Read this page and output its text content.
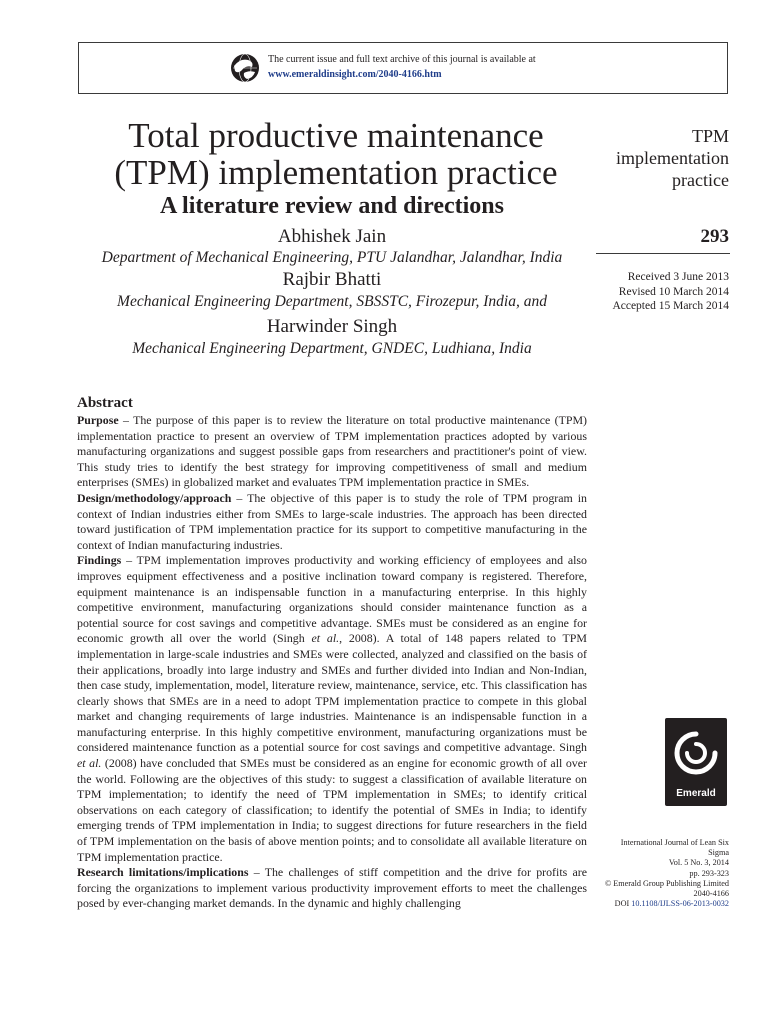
The current issue and full text archive of this journal is available at
www.emeraldinsight.com/2040-4166.htm
Total productive maintenance
(TPM) implementation practice
A literature review and directions
Abhishek Jain
Department of Mechanical Engineering, PTU Jalandhar, Jalandhar, India
Rajbir Bhatti
Mechanical Engineering Department, SBSSTC, Firozepur, India, and
Harwinder Singh
Mechanical Engineering Department, GNDEC, Ludhiana, India
TPM
implementation
practice
293
Received 3 June 2013
Revised 10 March 2014
Accepted 15 March 2014
Abstract

Purpose – The purpose of this paper is to review the literature on total productive maintenance (TPM) implementation practice to present an overview of TPM implementation practices adopted by various manufacturing organizations and suggest possible gaps from researchers and practitioner's point of view. This study tries to identify the best strategy for improving competitiveness of small and medium enterprises (SMEs) in globalized market and evaluates TPM implementation practice in SMEs.

Design/methodology/approach – The objective of this paper is to study the role of TPM program in context of Indian industries either from SMEs to large-scale industries. The approach has been directed toward justification of TPM implementation practice for its support to competitive manufacturing in the context of Indian manufacturing industries.

Findings – TPM implementation improves productivity and working efficiency of employees and also improves equipment effectiveness and a positive inclination toward company is registered. Therefore, equipment maintenance is an indispensable function in a manufacturing enterprise. In this highly competitive environment, manufacturing organizations should consider maintenance function as a potential source for cost savings and competitive advantage. SMEs must be considered as an engine for economic growth all over the world (Singh et al., 2008). A total of 148 papers related to TPM implementation in large-scale industries and SMEs were collected, analyzed and classified on the basis of their applications, broadly into large industry and SMEs and further divided into Indian and Non-Indian, then case study, implementation, model, literature review, maintenance, service, etc. This classification has clearly shows that SMEs are in a need to adopt TPM implementation practice to compete in this global market and changing requirements of large industries. Maintenance is an indispensable function in a manufacturing enterprise. In this highly competitive environment, manufacturing organizations must be considered maintenance function as a potential source for cost savings and competitive advantage. Singh et al. (2008) have concluded that SMEs must be considered as an engine for economic growth of all over the world. Following are the objectives of this study: to suggest a classification of available literature on TPM implementation; to identify the need of TPM implementation in SMEs; to identify critical observations on each category of classification; to identify the potential of SMEs in India; to identify emerging trends of TPM implementation in India; to suggest directions for future researchers in the field of TPM implementation on the basis of above mention points; and to consolidate all available literature on TPM implementation practice.

Research limitations/implications – The challenges of stiff competition and the drive for profits are forcing the organizations to implement various productivity improvement efforts to meet the challenges posed by ever-changing market demands. In the dynamic and highly challenging

Emerald
International Journal of Lean Six
Sigma
Vol. 5 No. 3, 2014
pp. 293-323
© Emerald Group Publishing Limited
2040-4166
DOI 10.1108/IJLSS-06-2013-0032
